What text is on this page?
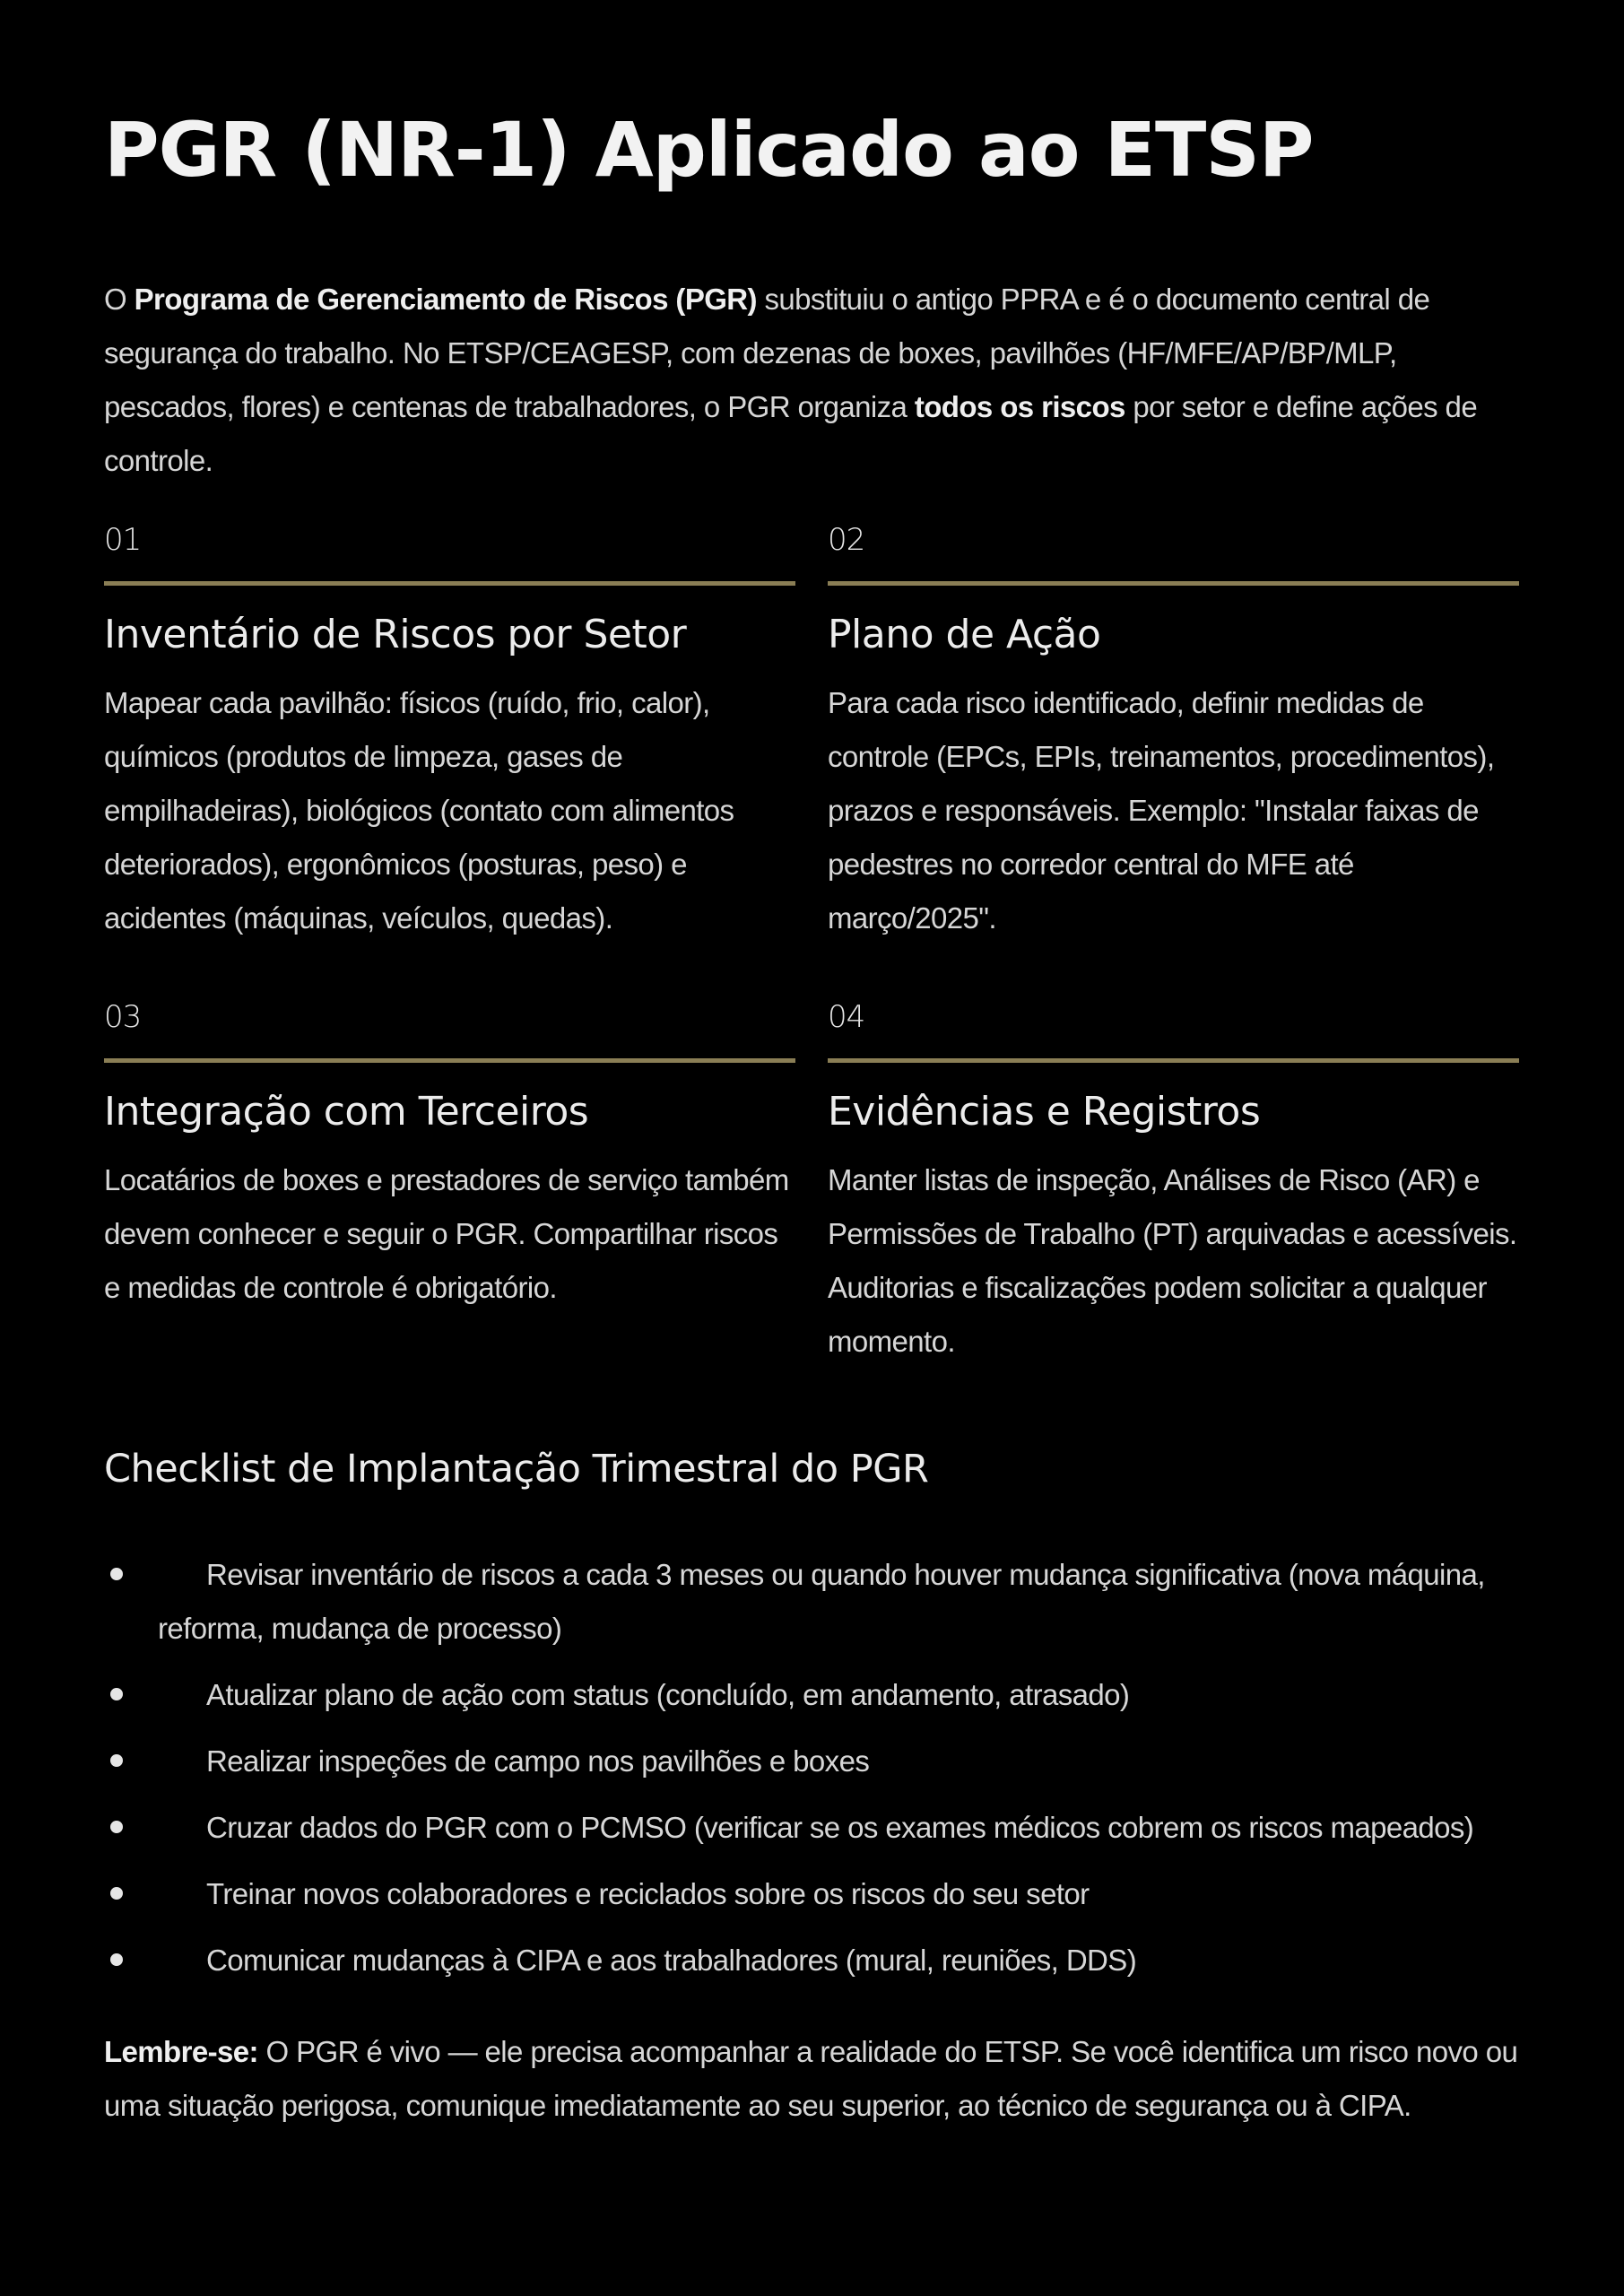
PGR (NR-1) Aplicado ao ETSP

O Programa de Gerenciamento de Riscos (PGR) substituiu o antigo PPRA e é o documento central de segurança do trabalho. No ETSP/CEAGESP, com dezenas de boxes, pavilhões (HF/MFE/AP/BP/MLP, pescados, flores) e centenas de trabalhadores, o PGR organiza todos os riscos por setor e define ações de controle.

01
Inventário de Riscos por Setor

Mapear cada pavilhão: físicos (ruído, frio, calor), químicos (produtos de limpeza, gases de empilhadeiras), biológicos (contato com alimentos deteriorados), ergonômicos (posturas, peso) e acidentes (máquinas, veículos, quedas).

02
Plano de Ação

Para cada risco identificado, definir medidas de controle (EPCs, EPIs, treinamentos, procedimentos), prazos e responsáveis. Exemplo: "Instalar faixas de pedestres no corredor central do MFE até março/2025".

03
Integração com Terceiros

Locatários de boxes e prestadores de serviço também devem conhecer e seguir o PGR. Compartilhar riscos e medidas de controle é obrigatório.

04
Evidências e Registros

Manter listas de inspeção, Análises de Risco (AR) e Permissões de Trabalho (PT) arquivadas e acessíveis. Auditorias e fiscalizações podem solicitar a qualquer momento.

Checklist de Implantação Trimestral do PGR
Revisar inventário de riscos a cada 3 meses ou quando houver mudança significativa (nova máquina, reforma, mudança de processo)
Atualizar plano de ação com status (concluído, em andamento, atrasado)
Realizar inspeções de campo nos pavilhões e boxes
Cruzar dados do PGR com o PCMSO (verificar se os exames médicos cobrem os riscos mapeados)
Treinar novos colaboradores e reciclados sobre os riscos do seu setor
Comunicar mudanças à CIPA e aos trabalhadores (mural, reuniões, DDS)

Lembre-se: O PGR é vivo — ele precisa acompanhar a realidade do ETSP. Se você identifica um risco novo ou uma situação perigosa, comunique imediatamente ao seu superior, ao técnico de segurança ou à CIPA.
